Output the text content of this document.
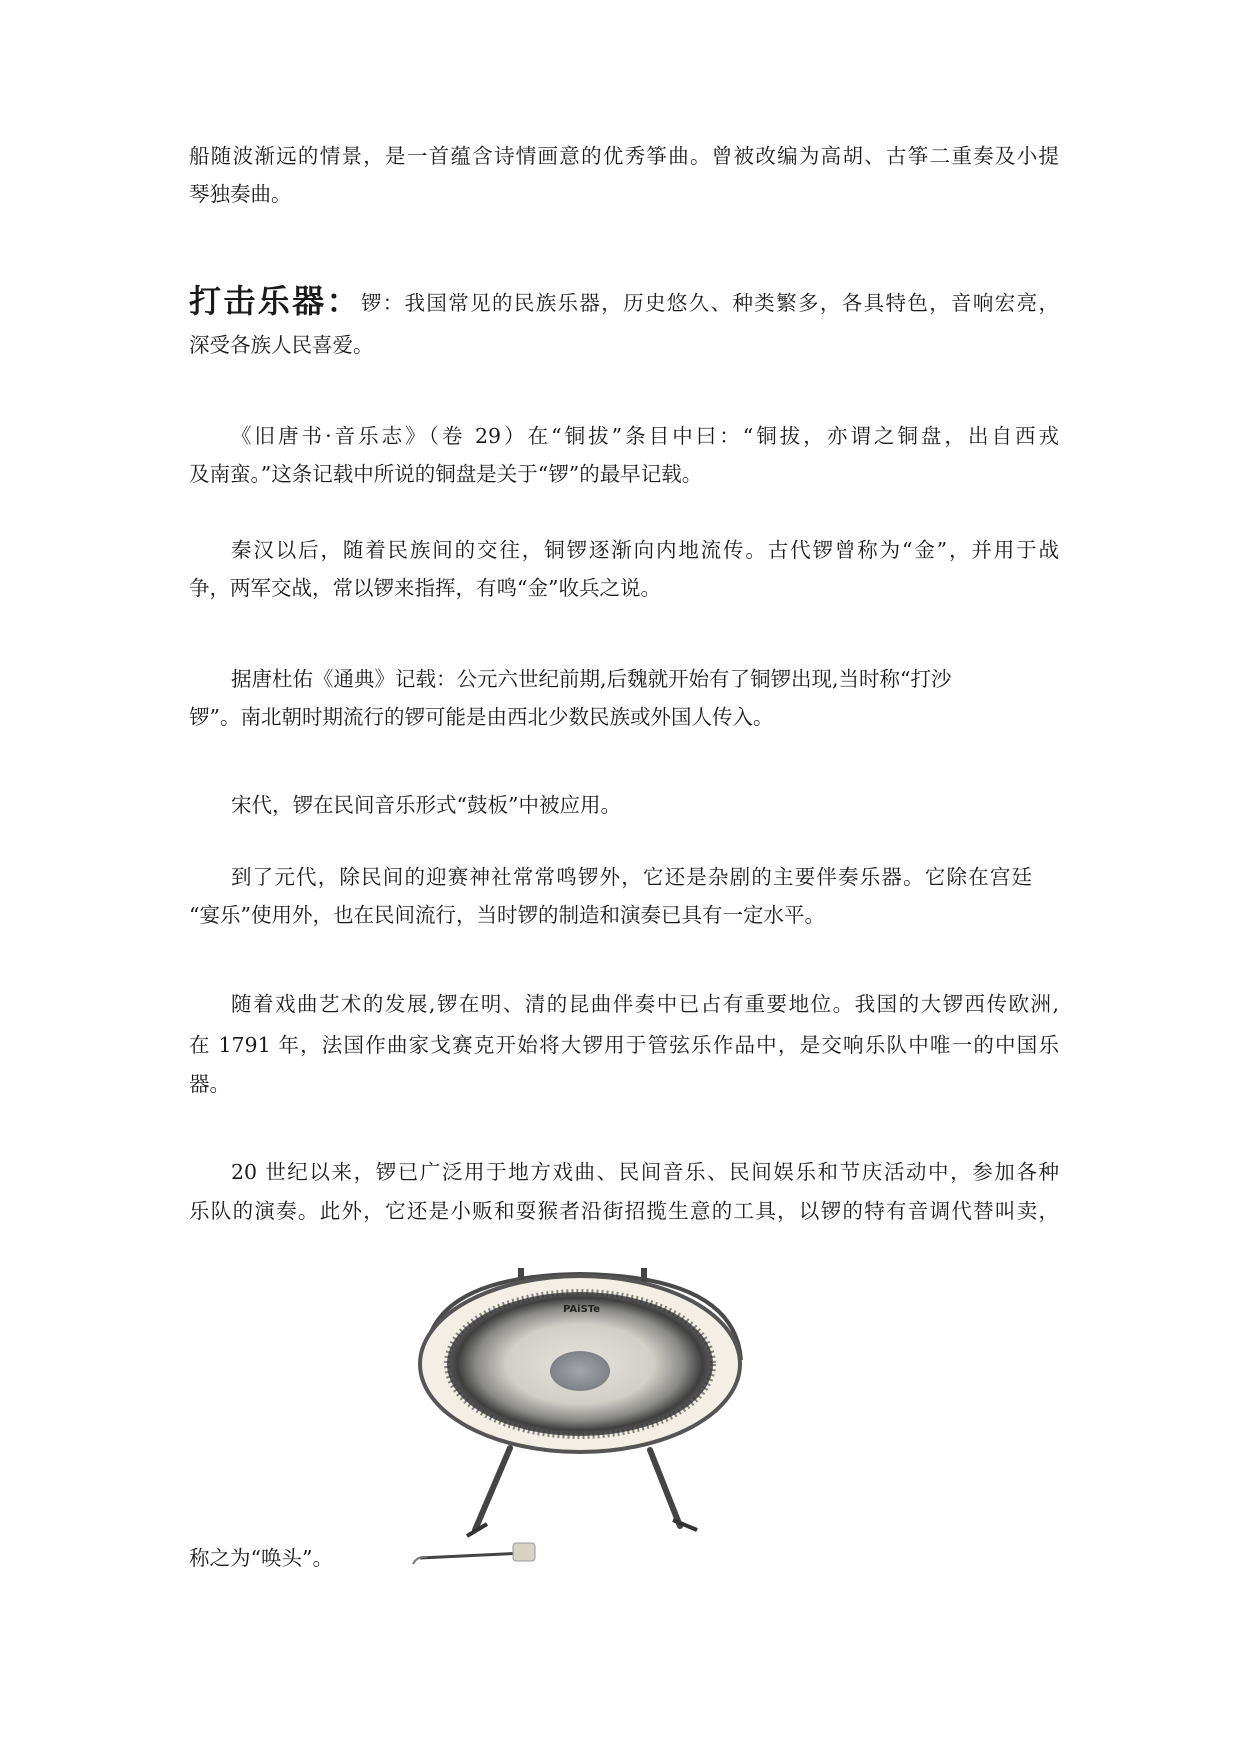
船随波渐远的情景，是一首蕴含诗情画意的优秀筝曲。曾被改编为高胡、古筝二重奏及小提
琴独奏曲。
打击乐器：锣：我国常见的民族乐器，历史悠久、种类繁多，各具特色，音响宏亮，
深受各族人民喜爱。
《旧唐书·音乐志》（卷 29）在“铜拔”条目中曰：“铜拔，亦谓之铜盘，出自西戎
及南蛮。”这条记载中所说的铜盘是关于“锣”的最早记载。
秦汉以后，随着民族间的交往，铜锣逐渐向内地流传。古代锣曾称为“金”，并用于战
争，两军交战，常以锣来指挥，有鸣“金”收兵之说。
据唐杜佑《通典》记载：公元六世纪前期,后魏就开始有了铜锣出现,当时称“打沙
锣”。南北朝时期流行的锣可能是由西北少数民族或外国人传入。
宋代，锣在民间音乐形式“鼓板”中被应用。
到了元代，除民间的迎赛神社常常鸣锣外，它还是杂剧的主要伴奏乐器。它除在宫廷
“宴乐”使用外，也在民间流行，当时锣的制造和演奏已具有一定水平。
随着戏曲艺术的发展,锣在明、清的昆曲伴奏中已占有重要地位。我国的大锣西传欧洲,
在 1791 年，法国作曲家戈赛克开始将大锣用于管弦乐作品中，是交响乐队中唯一的中国乐
器。
20 世纪以来，锣已广泛用于地方戏曲、民间音乐、民间娱乐和节庆活动中，参加各种
乐队的演奏。此外，它还是小贩和耍猴者沿街招揽生意的工具，以锣的特有音调代替叫卖，
PAiSTe
称之为“唤头”。
